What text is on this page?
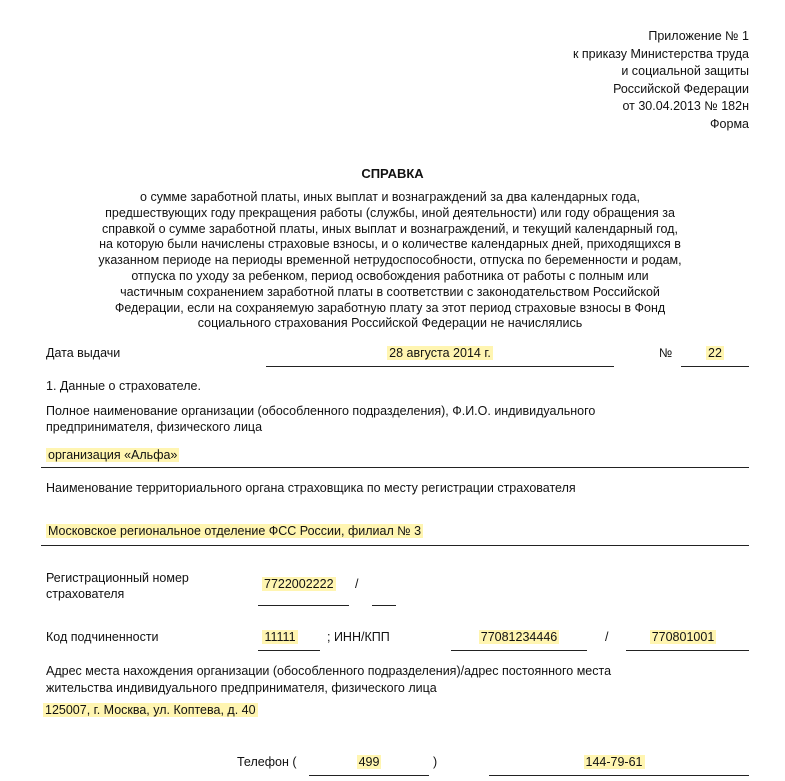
Приложение № 1
к приказу Министерства труда
и социальной защиты
Российской Федерации
от 30.04.2013 № 182н
Форма
СПРАВКА
о сумме заработной платы, иных выплат и вознаграждений за два календарных года,
предшествующих году прекращения работы (службы, иной деятельности) или году обращения за
справкой о сумме заработной платы, иных выплат и вознаграждений, и текущий календарный год,
на которую были начислены страховые взносы, и о количестве календарных дней, приходящихся в
указанном периоде на периоды временной нетрудоспособности, отпуска по беременности и родам,
отпуска по уходу за ребенком, период освобождения работника от работы с полным или
частичным сохранением заработной платы в соответствии с законодательством Российской
Федерации, если на сохраняемую заработную плату за этот период страховые взносы в Фонд
социального страхования Российской Федерации не начислялись
Дата выдачи	28 августа 2014 г.	№	22
1. Данные о страхователе.
Полное наименование организации (обособленного подразделения), Ф.И.О. индивидуального
предпринимателя, физического лица
организация «Альфа»
Наименование территориального органа страховщика по месту регистрации страхователя
Московское региональное отделение ФСС России, филиал № 3
Регистрационный номер
страхователя
7722002222 /
Код подчиненности	11111	; ИНН/КПП	77081234446	/	770801001
Адрес места нахождения организации (обособленного подразделения)/адрес постоянного места
жительства индивидуального предпринимателя, физического лица
125007, г. Москва, ул. Коптева, д. 40
Телефон (	499	)	144-79-61
